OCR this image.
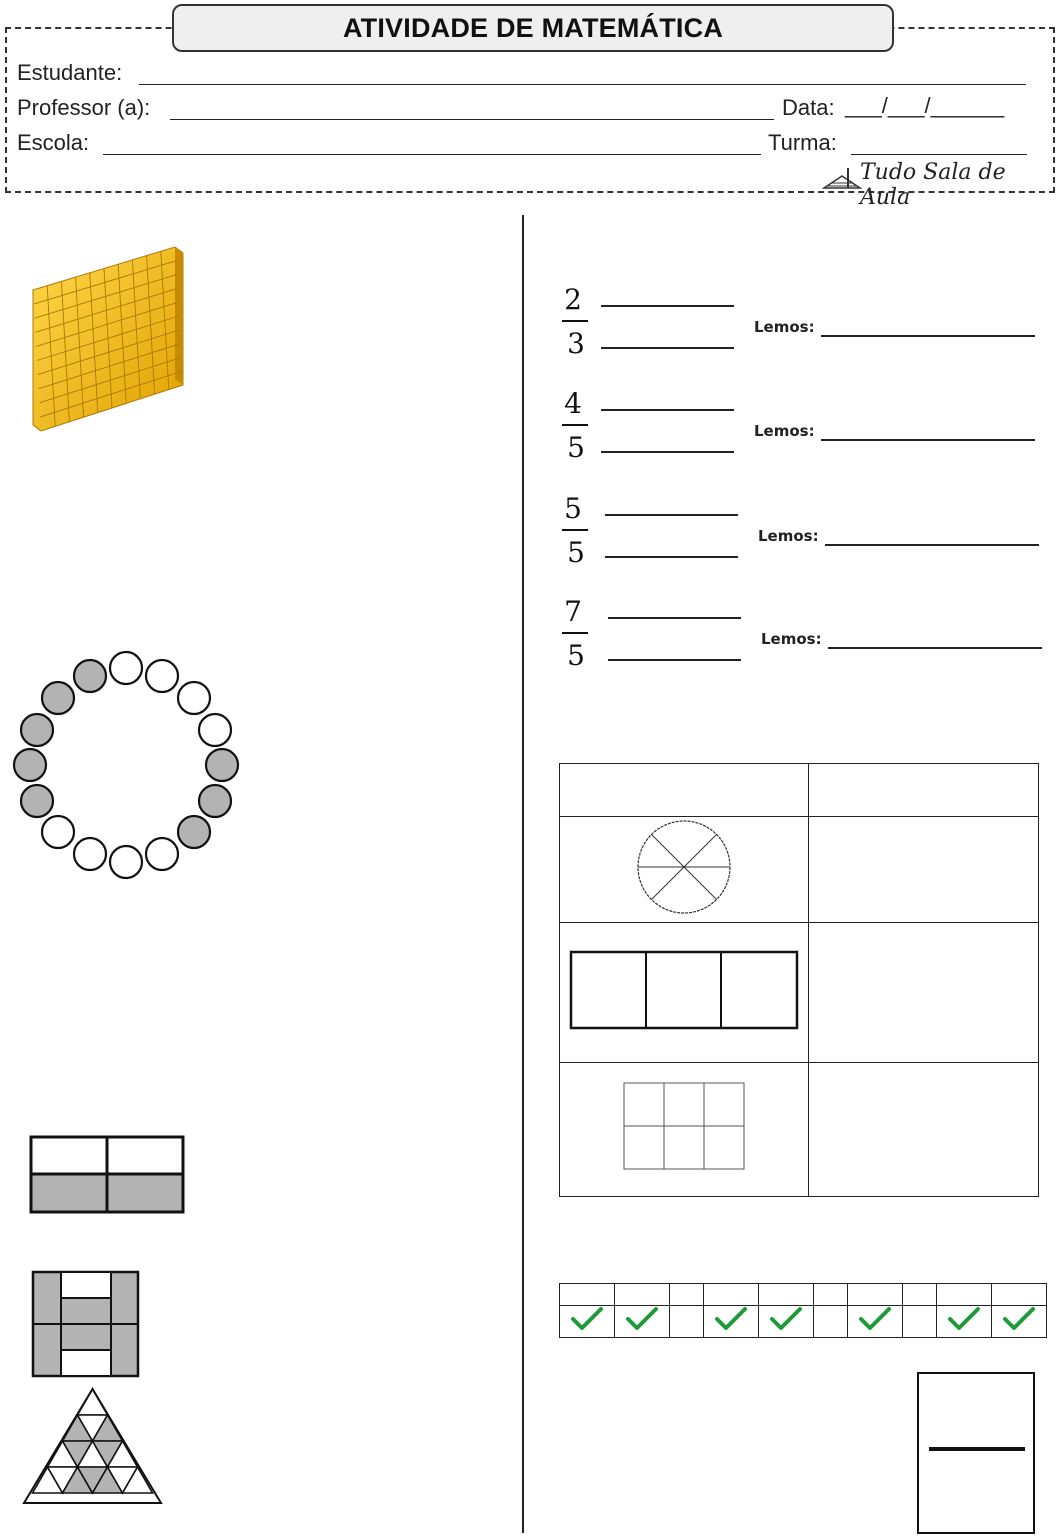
ATIVIDADE DE MATEMÁTICA
Estudante:
Professor (a):	Data: ___/___/______
Escola:	Turma:
Tudo Sala de Aula
2
3	Lemos:
4
5	Lemos:
5
5	Lemos:
7
5	Lemos:
